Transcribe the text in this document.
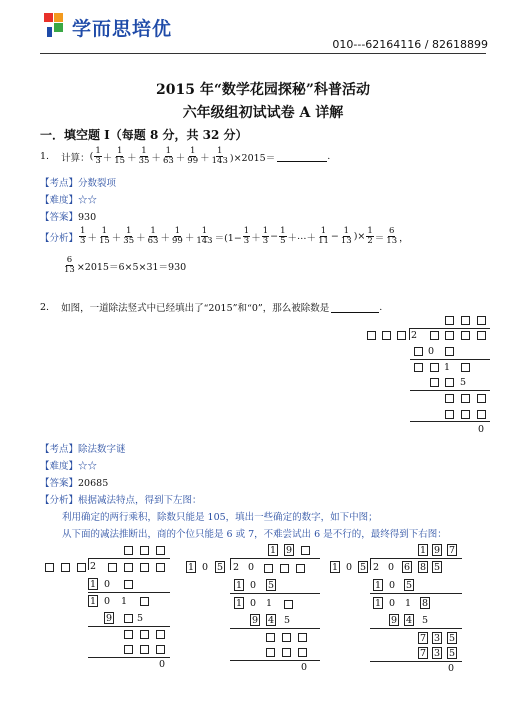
学而思培优
010---62164116 / 82618899
2015 年“数学花园探秘”科普活动
六年级组初试试卷 A 详解
一．填空题 I（每题 8 分，共 32 分）
1. 计算： ( $\frac{1}{3} + \frac{1}{15} + \frac{1}{35} + \frac{1}{63} + \frac{1}{99} + \frac{1}{143} )\times 2015=$	.
【考点】分数裂项
【难度】☆☆
【答案】930
【分析】 $\frac{1}{3} + \frac{1}{15} + \frac{1}{35} + \frac{1}{63} + \frac{1}{99} + \frac{1}{143} =(1- \frac{1}{3} + \frac{1}{3} - \frac{1}{5}$ ＋ … ＋ $\frac{1}{11} - \frac{1}{13}$ )× $\frac{1}{2} = \frac{6}{13}$ ，
$\frac{6}{13} \times 2015=6\times 5\times 31=930$
2. 如图，一道除法竖式中已经填出了“2015”和“0”，那么被除数是	.
2
0
1
5
0
【考点】除法数字谜
【难度】☆☆
【答案】20685
【分析】根据减法特点，得到下左图：
利用确定的两行乘积，除数只能是 105，填出一些确定的数字，如下中图；
从下面的减法推断出，商的个位只能是 6 或 7，不难尝试出 6 是不行的，最终得到下右图：
2
1 0
1 0	1
9	5
0
1 9
1 0 5	2 0
1 0	5
1 0	1
9 4	5
0
1 9 7
1 0 5 2 0	6 8 5
1 0	5
1 0	1	8
9 4	5
7 3 5
7 3 5
0
